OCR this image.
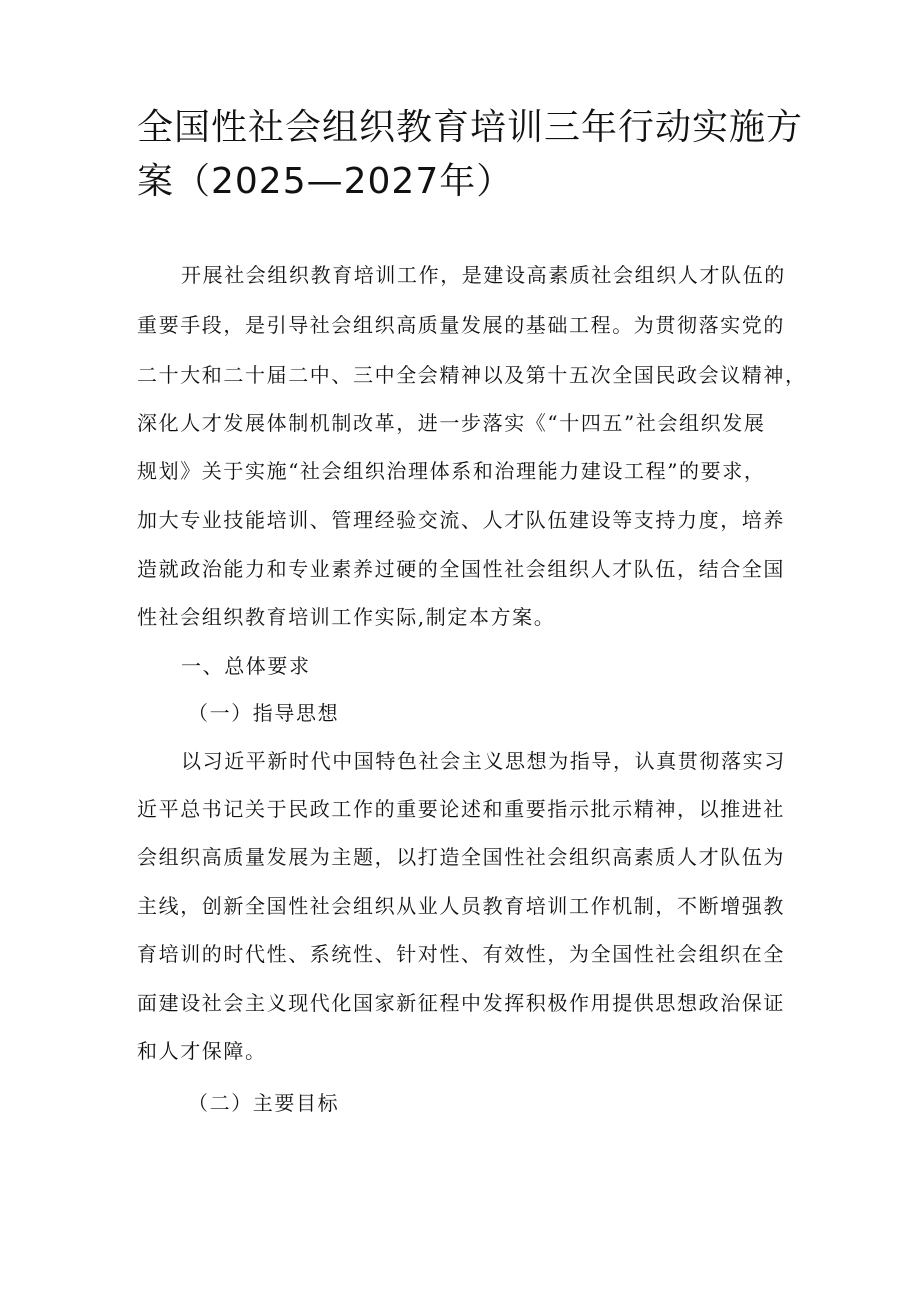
全国性社会组织教育培训三年行动实施方
案（2025—2027年）

开展社会组织教育培训工作，是建设高素质社会组织人才队伍的

重要手段，是引导社会组织高质量发展的基础工程。为贯彻落实党的

二十大和二十届二中、三中全会精神以及第十五次全国民政会议精神，

深化人才发展体制机制改革，进一步落实《“十四五”社会组织发展

规划》关于实施“社会组织治理体系和治理能力建设工程”的要求，

加大专业技能培训、管理经验交流、人才队伍建设等支持力度，培养

造就政治能力和专业素养过硬的全国性社会组织人才队伍，结合全国

性社会组织教育培训工作实际,制定本方案。

一、总体要求

（一）指导思想

以习近平新时代中国特色社会主义思想为指导，认真贯彻落实习

近平总书记关于民政工作的重要论述和重要指示批示精神，以推进社

会组织高质量发展为主题，以打造全国性社会组织高素质人才队伍为

主线，创新全国性社会组织从业人员教育培训工作机制，不断增强教

育培训的时代性、系统性、针对性、有效性，为全国性社会组织在全

面建设社会主义现代化国家新征程中发挥积极作用提供思想政治保证

和人才保障。

（二）主要目标
